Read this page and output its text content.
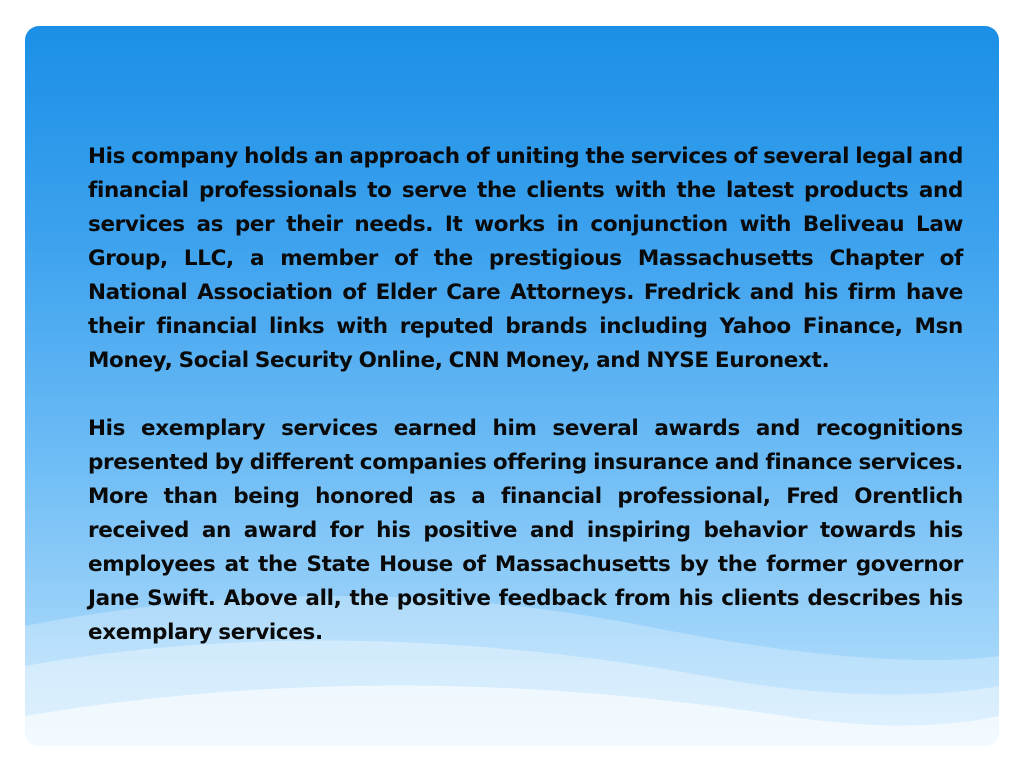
His company holds an approach of uniting the services of several legal and financial professionals to serve the clients with the latest products and services as per their needs. It works in conjunction with Beliveau Law Group, LLC, a member of the prestigious Massachusetts Chapter of National Association of Elder Care Attorneys. Fredrick and his firm have their financial links with reputed brands including Yahoo Finance, Msn Money, Social Security Online, CNN Money, and NYSE Euronext.

His exemplary services earned him several awards and recognitions presented by different companies offering insurance and finance services. More than being honored as a financial professional, Fred Orentlich received an award for his positive and inspiring behavior towards his employees at the State House of Massachusetts by the former governor Jane Swift. Above all, the positive feedback from his clients describes his exemplary services.
